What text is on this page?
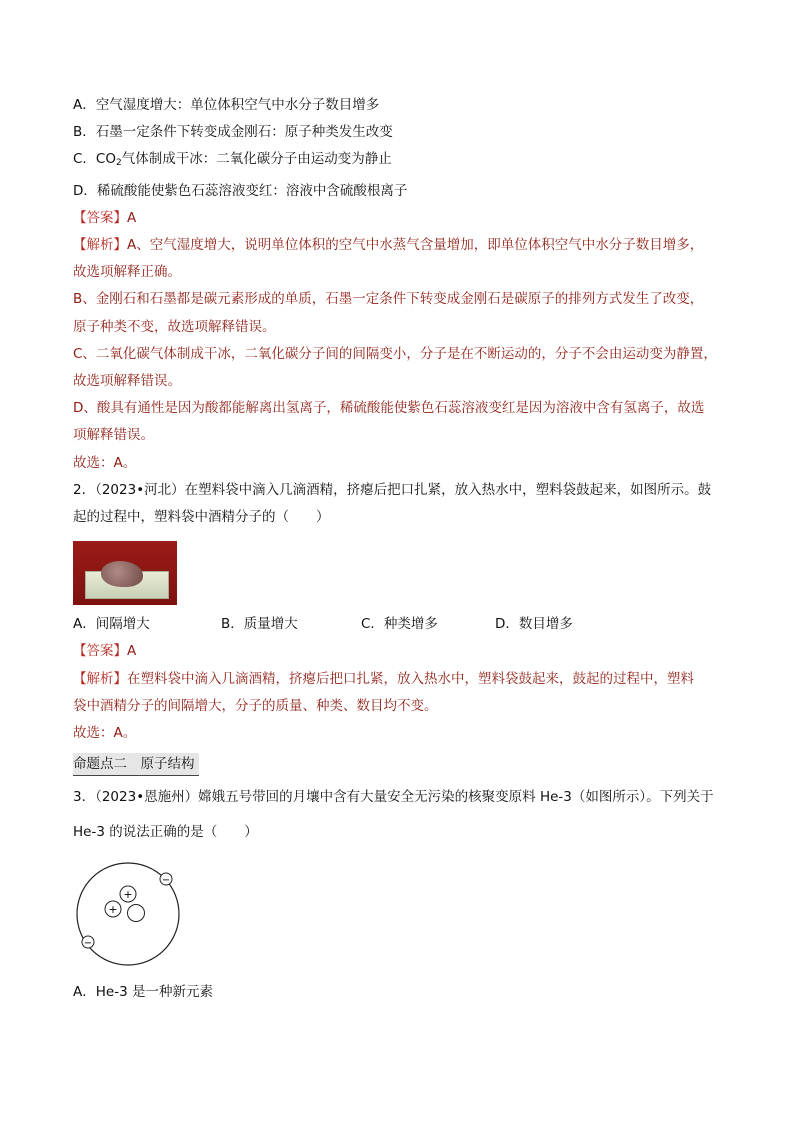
A．空气湿度增大：单位体积空气中水分子数目增多
B．石墨一定条件下转变成金刚石：原子种类发生改变
C．$CO_2$气体制成干冰：二氧化碳分子由运动变为静止
D．稀硫酸能使紫色石蕊溶液变红：溶液中含硫酸根离子
【答案】A
【解析】A、空气湿度增大，说明单位体积的空气中水蒸气含量增加，即单位体积空气中水分子数目增多，
故选项解释正确。
B、金刚石和石墨都是碳元素形成的单质，石墨一定条件下转变成金刚石是碳原子的排列方式发生了改变，
原子种类不变，故选项解释错误。
C、二氧化碳气体制成干冰，二氧化碳分子间的间隔变小，分子是在不断运动的，分子不会由运动变为静置，
故选项解释错误。
D、酸具有通性是因为酸都能解离出氢离子，稀硫酸能使紫色石蕊溶液变红是因为溶液中含有氢离子，故选
项解释错误。
故选：A。
2．（2023•河北）在塑料袋中滴入几滴酒精，挤瘪后把口扎紧，放入热水中，塑料袋鼓起来，如图所示。鼓
起的过程中，塑料袋中酒精分子的（　　）
A．间隔增大	B．质量增大	C．种类增多	D．数目增多
【答案】A
【解析】在塑料袋中滴入几滴酒精，挤瘪后把口扎紧，放入热水中，塑料袋鼓起来，鼓起的过程中，塑料
袋中酒精分子的间隔增大，分子的质量、种类、数目均不变。
故选：A。
命题点二　原子结构
3．（2023•恩施州）嫦娥五号带回的月壤中含有大量安全无污染的核聚变原料 He-3（如图所示）。下列关于
He-3 的说法正确的是（　　）
+
+
−
−
A．He-3 是一种新元素
